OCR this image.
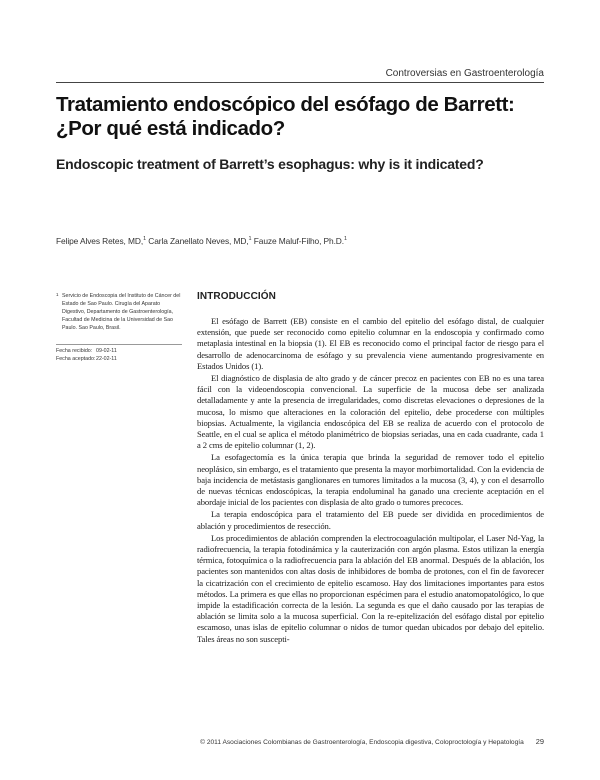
Controversias en Gastroenterología
Tratamiento endoscópico del esófago de Barrett:
¿Por qué está indicado?
Endoscopic treatment of Barrett’s esophagus: why is it indicated?
Felipe Alves Retes, MD,$^1$ Carla Zanellato Neves, MD,$^1$ Fauze Maluf-Filho, Ph.D.$^1$
1 Servicio de Endoscopia del Instituto de Cáncer del Estado de Sao Paulo. Cirugía del Aparato Digestivo, Departamento de Gastroenterología, Facultad de Medicina de la Universidad de Sao Paulo. Sao Paulo, Brasil.
Fecha recibido: 09-02-11
Fecha aceptado: 22-02-11
INTRODUCCIÓN

El esófago de Barrett (EB) consiste en el cambio del epitelio del esófago distal, de cualquier extensión, que puede ser reconocido como epitelio columnar en la endoscopia y confirmado como metaplasia intestinal en la biopsia (1). El EB es reconocido como el principal factor de riesgo para el desarrollo de adenocarcinoma de esófago y su prevalencia viene aumentando progresivamente en Estados Unidos (1).

El diagnóstico de displasia de alto grado y de cáncer precoz en pacientes con EB no es una tarea fácil con la videoendoscopia convencional. La superficie de la mucosa debe ser analizada detalladamente y ante la presencia de irregularidades, como discretas elevaciones o depresiones de la mucosa, lo mismo que alteraciones en la coloración del epitelio, debe procederse con múltiples biopsias. Actualmente, la vigilancia endoscópica del EB se realiza de acuerdo con el protocolo de Seattle, en el cual se aplica el método planimétrico de biopsias seriadas, una en cada cuadrante, cada 1 a 2 cms de epitelio columnar (1, 2).

La esofagectomía es la única terapia que brinda la seguridad de remover todo el epitelio neoplásico, sin embargo, es el tratamiento que presenta la mayor morbimortalidad. Con la evidencia de baja incidencia de metástasis ganglionares en tumores limitados a la mucosa (3, 4), y con el desarrollo de nuevas técnicas endoscópicas, la terapia endoluminal ha ganado una creciente aceptación en el abordaje inicial de los pacientes con displasia de alto grado o tumores precoces.

La terapia endoscópica para el tratamiento del EB puede ser dividida en procedimientos de ablación y procedimientos de resección.

Los procedimientos de ablación comprenden la electrocoagulación multipolar, el Laser Nd-Yag, la radiofrecuencia, la terapia fotodinámica y la cauterización con argón plasma. Estos utilizan la energía térmica, fotoquímica o la radiofrecuencia para la ablación del EB anormal. Después de la ablación, los pacientes son mantenidos con altas dosis de inhibidores de bomba de protones, con el fin de favorecer la cicatrización con el crecimiento de epitelio escamoso. Hay dos limitaciones importantes para estos métodos. La primera es que ellas no proporcionan espécimen para el estudio anatomopatológico, lo que impide la estadificación correcta de la lesión. La segunda es que el daño causado por las terapias de ablación se limita solo a la mucosa superficial. Con la re-epitelización del esófago distal por epitelio escamoso, unas islas de epitelio columnar o nidos de tumor quedan ubicados por debajo del epitelio. Tales áreas no son suscepti-

© 2011 Asociaciones Colombianas de Gastroenterología, Endoscopia digestiva, Coloproctología y Hepatología 29
